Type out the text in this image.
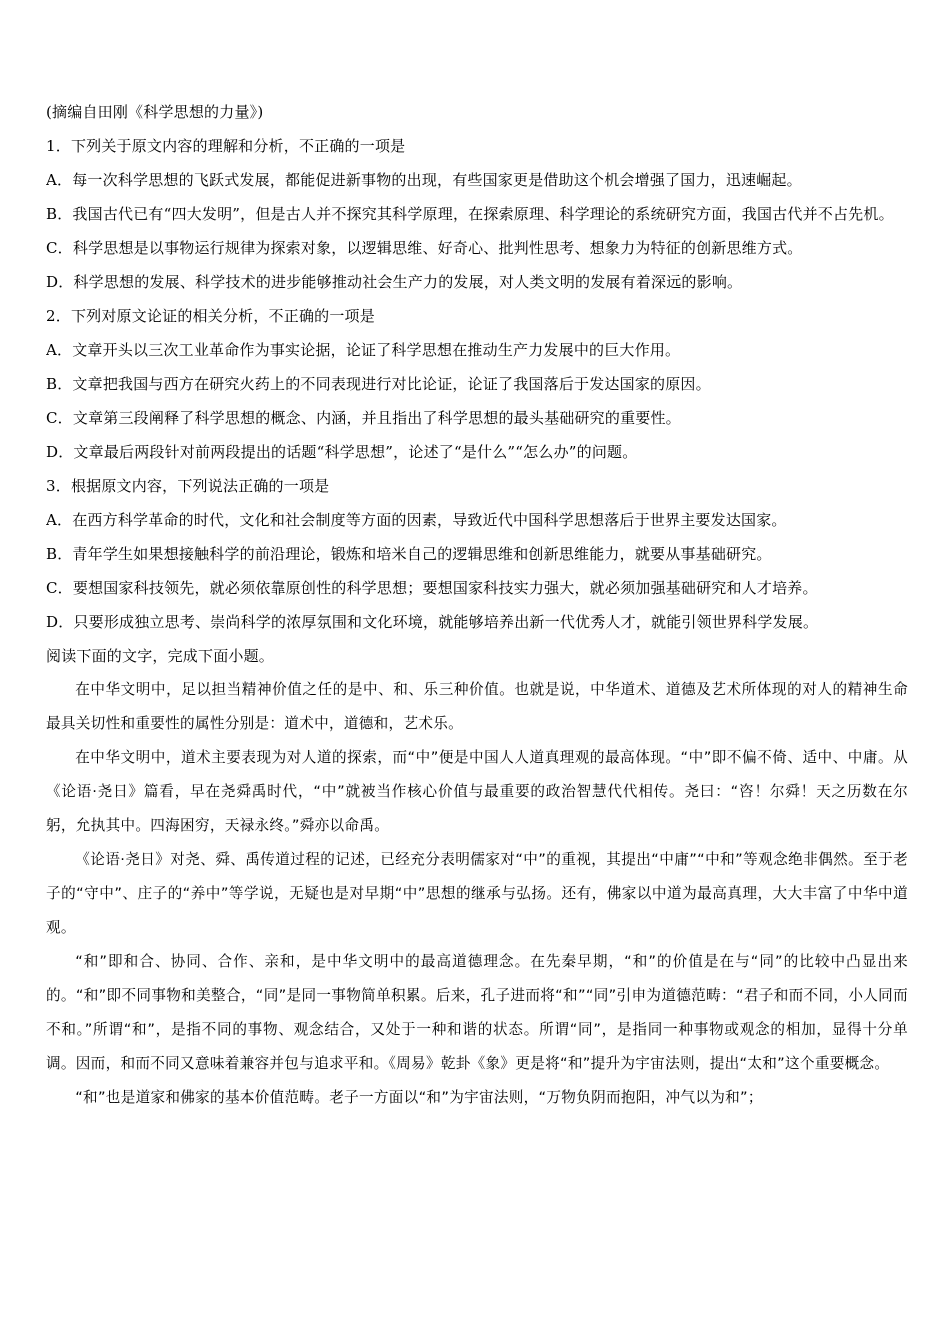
(摘编自田刚《科学思想的力量》)
1．下列关于原文内容的理解和分析，不正确的一项是
A．每一次科学思想的飞跃式发展，都能促进新事物的出现，有些国家更是借助这个机会增强了国力，迅速崛起。
B．我国古代已有“四大发明”，但是古人并不探究其科学原理，在探索原理、科学理论的系统研究方面，我国古代并不占先机。
C．科学思想是以事物运行规律为探索对象，以逻辑思维、好奇心、批判性思考、想象力为特征的创新思维方式。
D．科学思想的发展、科学技术的进步能够推动社会生产力的发展，对人类文明的发展有着深远的影响。
2．下列对原文论证的相关分析，不正确的一项是
A．文章开头以三次工业革命作为事实论据，论证了科学思想在推动生产力发展中的巨大作用。
B．文章把我国与西方在研究火药上的不同表现进行对比论证，论证了我国落后于发达国家的原因。
C．文章第三段阐释了科学思想的概念、内涵，并且指出了科学思想的最头基础研究的重要性。
D．文章最后两段针对前两段提出的话题“科学思想”，论述了“是什么”“怎么办”的问题。
3．根据原文内容，下列说法正确的一项是
A．在西方科学革命的时代，文化和社会制度等方面的因素，导致近代中国科学思想落后于世界主要发达国家。
B．青年学生如果想接触科学的前沿理论，锻炼和培米自己的逻辑思维和创新思维能力，就要从事基础研究。
C．要想国家科技领先，就必须依靠原创性的科学思想；要想国家科技实力强大，就必须加强基础研究和人才培养。
D．只要形成独立思考、崇尚科学的浓厚氛围和文化环境，就能够培养出新一代优秀人才，就能引领世界科学发展。
阅读下面的文字，完成下面小题。

在中华文明中，足以担当精神价值之任的是中、和、乐三种价值。也就是说，中华道术、道德及艺术所体现的对人的精神生命最具关切性和重要性的属性分别是：道术中，道德和，艺术乐。

在中华文明中，道术主要表现为对人道的探索，而“中”便是中国人人道真理观的最高体现。“中”即不偏不倚、适中、中庸。从《论语·尧日》篇看，早在尧舜禹时代，“中”就被当作核心价值与最重要的政治智慧代代相传。尧曰：“咨！尔舜！天之历数在尔躬，允执其中。四海困穷，天禄永终。”舜亦以命禹。

《论语·尧日》对尧、舜、禹传道过程的记述，已经充分表明儒家对“中”的重视，其提出“中庸”“中和”等观念绝非偶然。至于老子的“守中”、庄子的“养中”等学说，无疑也是对早期“中”思想的继承与弘扬。还有，佛家以中道为最高真理，大大丰富了中华中道观。

“和”即和合、协同、合作、亲和，是中华文明中的最高道德理念。在先秦早期，“和”的价值是在与“同”的比较中凸显出来的。“和”即不同事物和美整合，“同”是同一事物简单积累。后来，孔子进而将“和”“同”引申为道德范畴：“君子和而不同，小人同而不和。”所谓“和”，是指不同的事物、观念结合，又处于一种和谐的状态。所谓“同”，是指同一种事物或观念的相加，显得十分单调。因而，和而不同又意味着兼容并包与追求平和。《周易》乾卦《象》更是将“和”提升为宇宙法则，提出“太和”这个重要概念。

“和”也是道家和佛家的基本价值范畴。老子一方面以“和”为宇宙法则，“万物负阴而抱阳，冲气以为和”；
